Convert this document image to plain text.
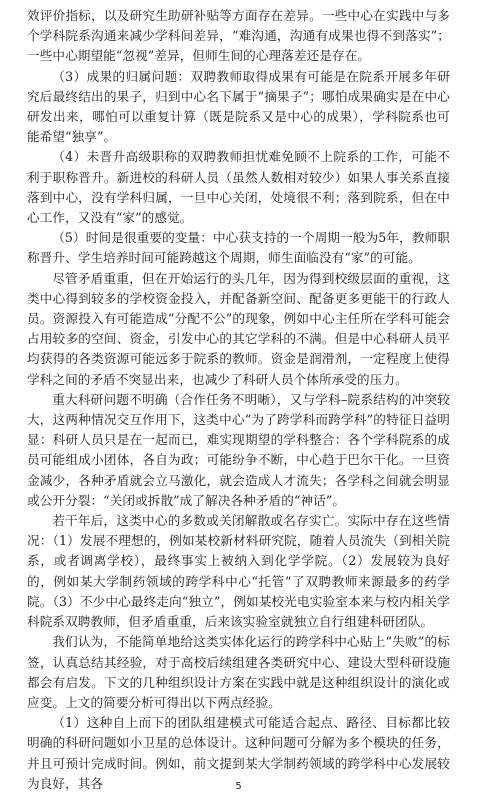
效评价指标，以及研究生助研补贴等方面存在差异。一些中心在实践中与多个学科院系沟通来减少学科间差异，“难沟通，沟通有成果也得不到落实”；一些中心期望能“忽视”差异，但师生间的心理落差还是存在。

（3）成果的归属问题：双聘教师取得成果有可能是在院系开展多年研究后最终结出的果子，归到中心名下属于“摘果子”；哪怕成果确实是在中心研发出来，哪怕可以重复计算（既是院系又是中心的成果），学科院系也可能希望“独享”。

（4）未晋升高级职称的双聘教师担忧难免顾不上院系的工作，可能不利于职称晋升。新进校的科研人员（虽然人数相对较少）如果人事关系直接落到中心，没有学科归属，一旦中心关闭，处境很不利；落到院系，但在中心工作，又没有“家”的感觉。

（5）时间是很重要的变量：中心获支持的一个周期一般为5年，教师职称晋升、学生培养时间可能跨越这个周期，师生面临没有“家”的可能。

尽管矛盾重重，但在开始运行的头几年，因为得到校级层面的重视，这类中心得到较多的学校资金投入，并配备新空间、配备更多更能干的行政人员。资源投入有可能造成“分配不公”的现象，例如中心主任所在学科可能会占用较多的空间、资金，引发中心的其它学科的不满。但是中心科研人员平均获得的各类资源可能远多于院系的教师。资金是润滑剂，一定程度上使得学科之间的矛盾不突显出来，也减少了科研人员个体所承受的压力。

重大科研问题不明确（合作任务不明晰），又与学科–院系结构的冲突较大，这两种情况交互作用下，这类中心“为了跨学科而跨学科”的特征日益明显：科研人员只是在一起而已，难实现期望的学科整合：各个学科院系的成员可能组成小团体，各自为政；可能纷争不断，中心趋于巴尔干化。一旦资金减少，各种矛盾就会立马激化，就会造成人才流失；各学科之间就会明显或公开分裂：“关闭或拆散”成了解决各种矛盾的“神话”。

若干年后，这类中心的多数或关闭解散或名存实亡。实际中存在这些情况：（1）发展不理想的，例如某校新材料研究院，随着人员流失（到相关院系，或者调离学校），最终事实上被纳入到化学学院。（2）发展较为良好的，例如某大学制药领域的跨学科中心“托管”了双聘教师来源最多的药学院。（3）不少中心最终走向“独立”，例如某校光电实验室本来与校内相关学科院系双聘教师，但矛盾重重，后来该实验室就独立自行组建科研团队。

我们认为，不能简单地给这类实体化运行的跨学科中心贴上“失败”的标签，认真总结其经验，对于高校后续组建各类研究中心、建设大型科研设施都会有启发。下文的几种组织设计方案在实践中就是这种组织设计的演化或应变。上文的简要分析可得出以下两点经验。

（1）这种自上而下的团队组建模式可能适合起点、路径、目标都比较明确的科研问题如小卫星的总体设计。这种问题可分解为多个模块的任务，并且可预计完成时间。例如，前文提到某大学制药领域的跨学科中心发展较为良好，其各	5
